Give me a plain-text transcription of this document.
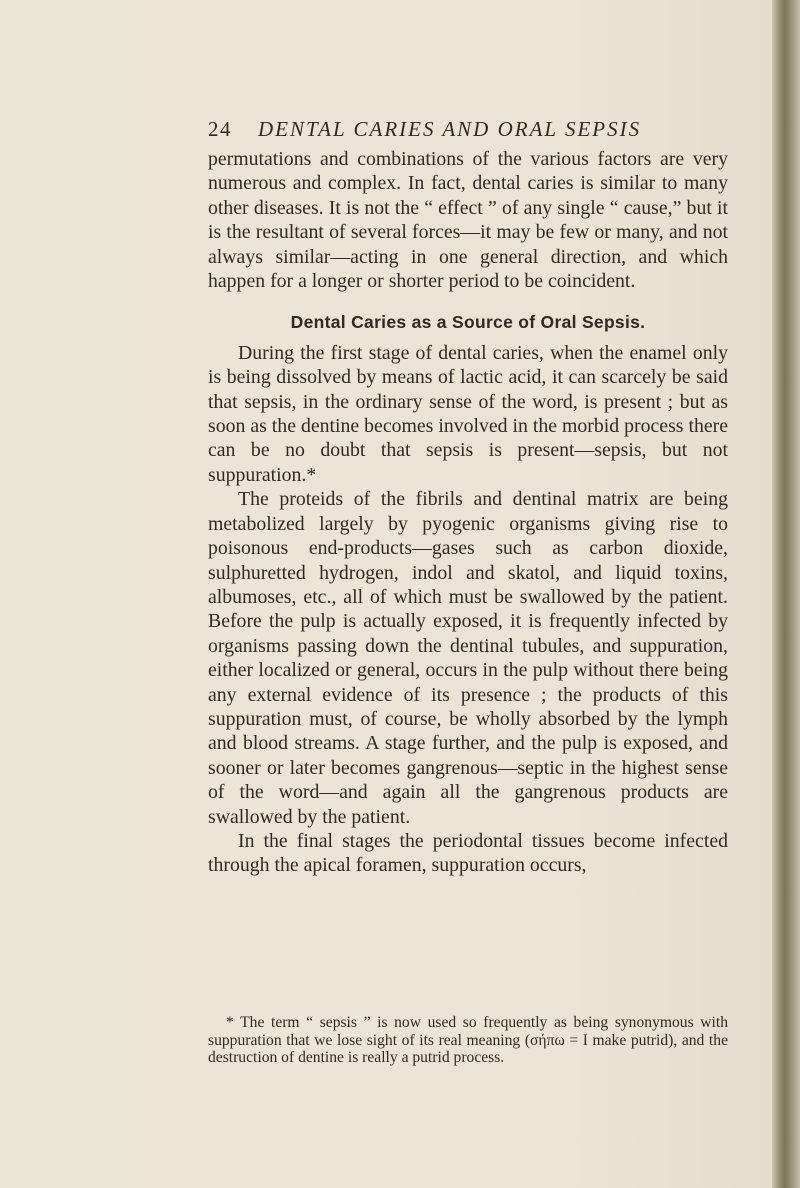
24 DENTAL CARIES AND ORAL SEPSIS

permutations and combinations of the various factors are very numerous and complex. In fact, dental caries is similar to many other diseases. It is not the “ effect ” of any single “ cause,” but it is the resultant of several forces—it may be few or many, and not always similar—acting in one general direction, and which happen for a longer or shorter period to be coincident.

Dental Caries as a Source of Oral Sepsis.

During the first stage of dental caries, when the enamel only is being dissolved by means of lactic acid, it can scarcely be said that sepsis, in the ordinary sense of the word, is present ; but as soon as the dentine becomes involved in the morbid process there can be no doubt that sepsis is present—sepsis, but not suppuration.*

The proteids of the fibrils and dentinal matrix are being metabolized largely by pyogenic organisms giving rise to poisonous end-products—gases such as carbon dioxide, sulphuretted hydrogen, indol and skatol, and liquid toxins, albumoses, etc., all of which must be swallowed by the patient. Before the pulp is actually exposed, it is frequently infected by organisms passing down the dentinal tubules, and suppuration, either localized or general, occurs in the pulp without there being any external evidence of its presence ; the products of this suppuration must, of course, be wholly absorbed by the lymph and blood streams. A stage further, and the pulp is exposed, and sooner or later becomes gangrenous—septic in the highest sense of the word—and again all the gangrenous products are swallowed by the patient.

In the final stages the periodontal tissues become infected through the apical foramen, suppuration occurs,

* The term “ sepsis ” is now used so frequently as being synonymous with suppuration that we lose sight of its real meaning (σήπω = I make putrid), and the destruction of dentine is really a putrid process.
